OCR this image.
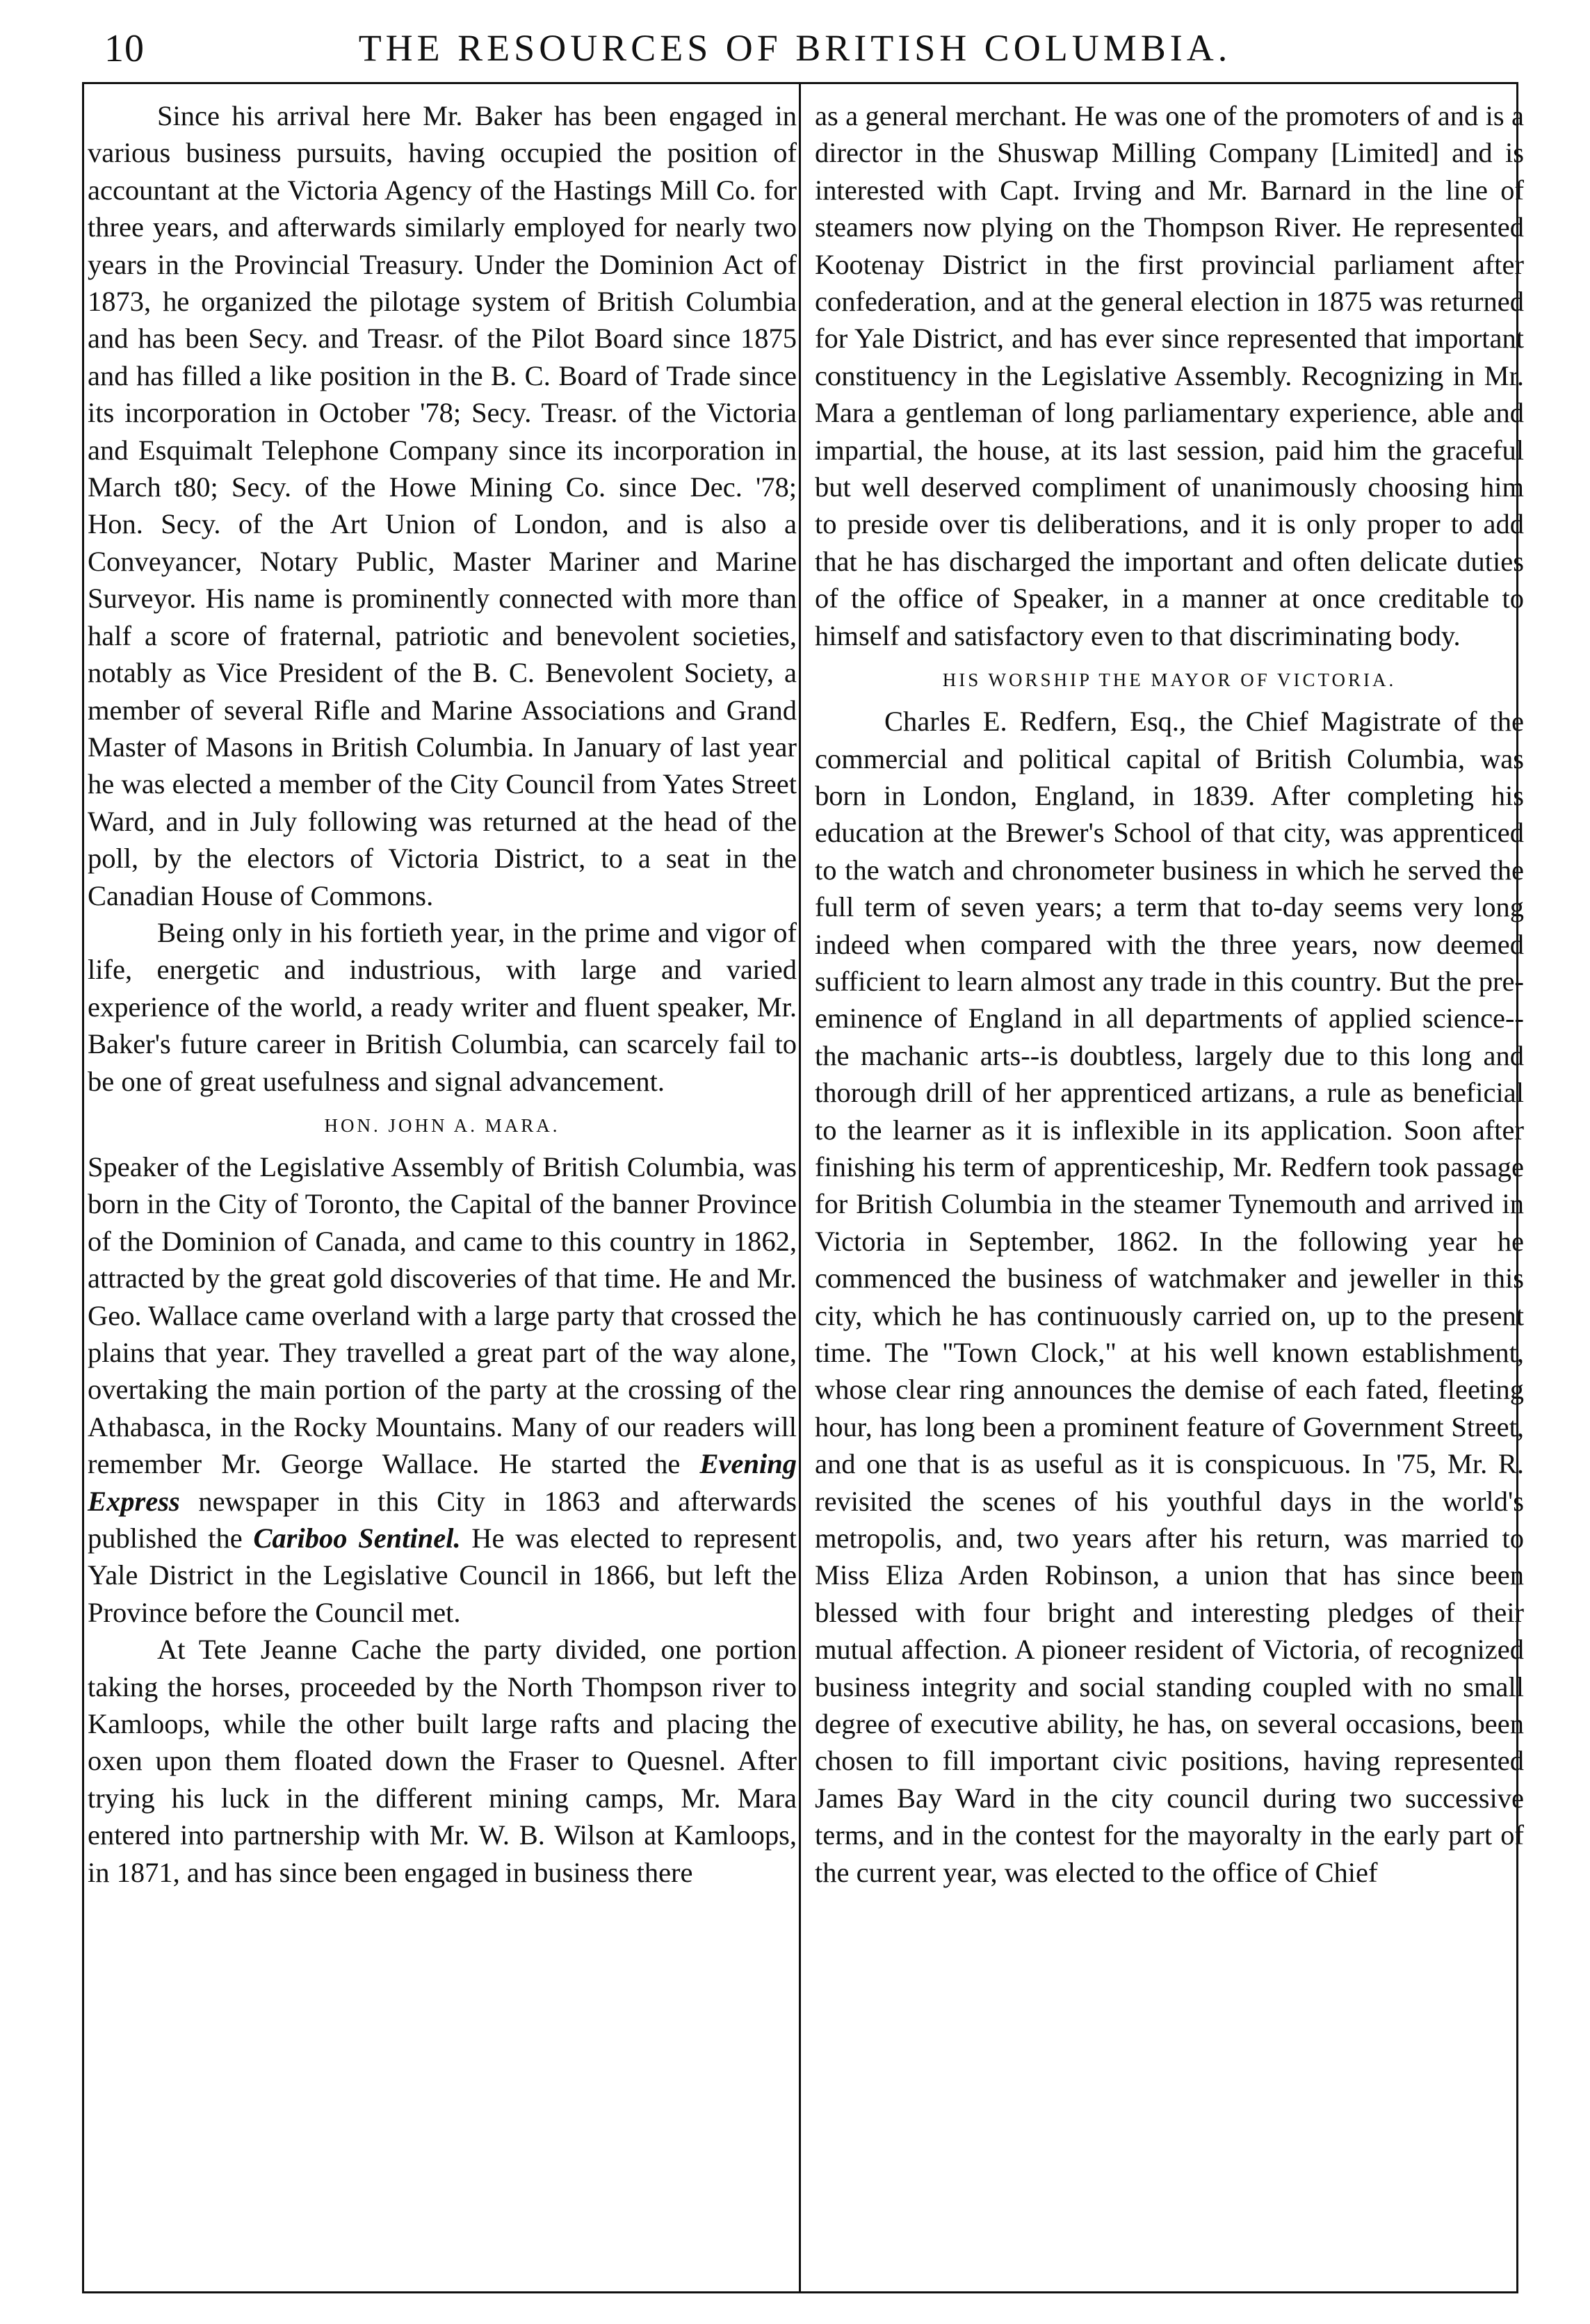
10	THE RESOURCES OF BRITISH COLUMBIA.

Since his arrival here Mr. Baker has been engaged in various business pursuits, having occupied the position of accountant at the Victoria Agency of the Hastings Mill Co. for three years, and afterwards similarly employed for nearly two years in the Provincial Treasury. Under the Dominion Act of 1873, he organized the pilotage system of British Columbia and has been Secy. and Treasr. of the Pilot Board since 1875 and has filled a like position in the B. C. Board of Trade since its incorporation in October '78; Secy. Treasr. of the Victoria and Esquimalt Telephone Company since its incorporation in March t80; Secy. of the Howe Mining Co. since Dec. '78; Hon. Secy. of the Art Union of London, and is also a Conveyancer, Notary Public, Master Mariner and Marine Surveyor. His name is prominently connected with more than half a score of fraternal, patriotic and benevolent societies, notably as Vice President of the B. C. Benevolent Society, a member of several Rifle and Marine Associations and Grand Master of Masons in British Columbia. In January of last year he was elected a member of the City Council from Yates Street Ward, and in July following was returned at the head of the poll, by the electors of Victoria District, to a seat in the Canadian House of Commons.

Being only in his fortieth year, in the prime and vigor of life, energetic and industrious, with large and varied experience of the world, a ready writer and fluent speaker, Mr. Baker's future career in British Columbia, can scarcely fail to be one of great usefulness and signal advancement.

HON. JOHN A. MARA.

Speaker of the Legislative Assembly of British Columbia, was born in the City of Toronto, the Capital of the banner Province of the Dominion of Canada, and came to this country in 1862, attracted by the great gold discoveries of that time. He and Mr. Geo. Wallace came overland with a large party that crossed the plains that year. They travelled a great part of the way alone, overtaking the main portion of the party at the crossing of the Athabasca, in the Rocky Mountains. Many of our readers will remember Mr. George Wallace. He started the Evening Express newspaper in this City in 1863 and afterwards published the Cariboo Sentinel. He was elected to represent Yale District in the Legislative Council in 1866, but left the Province before the Council met.

At Tete Jeanne Cache the party divided, one portion taking the horses, proceeded by the North Thompson river to Kamloops, while the other built large rafts and placing the oxen upon them floated down the Fraser to Quesnel. After trying his luck in the different mining camps, Mr. Mara entered into partnership with Mr. W. B. Wilson at Kamloops, in 1871, and has since been engaged in business there

as a general merchant. He was one of the promoters of and is a director in the Shuswap Milling Company [Limited] and is interested with Capt. Irving and Mr. Barnard in the line of steamers now plying on the Thompson River. He represented Kootenay District in the first provincial parliament after confederation, and at the general election in 1875 was returned for Yale District, and has ever since represented that important constituency in the Legislative Assembly. Recognizing in Mr. Mara a gentleman of long parliamentary experience, able and impartial, the house, at its last session, paid him the graceful but well deserved compliment of unanimously choosing him to preside over tis deliberations, and it is only proper to add that he has discharged the important and often delicate duties of the office of Speaker, in a manner at once creditable to himself and satisfactory even to that discriminating body.

HIS WORSHIP THE MAYOR OF VICTORIA.

Charles E. Redfern, Esq., the Chief Magistrate of the commercial and political capital of British Columbia, was born in London, England, in 1839. After completing his education at the Brewer's School of that city, was apprenticed to the watch and chronometer business in which he served the full term of seven years; a term that to-day seems very long indeed when compared with the three years, now deemed sufficient to learn almost any trade in this country. But the pre-eminence of England in all departments of applied science--the machanic arts--is doubtless, largely due to this long and thorough drill of her apprenticed artizans, a rule as beneficial to the learner as it is inflexible in its application. Soon after finishing his term of apprenticeship, Mr. Redfern took passage for British Columbia in the steamer Tynemouth and arrived in Victoria in September, 1862. In the following year he commenced the business of watchmaker and jeweller in this city, which he has continuously carried on, up to the present time. The "Town Clock," at his well known establishment, whose clear ring announces the demise of each fated, fleeting hour, has long been a prominent feature of Government Street, and one that is as useful as it is conspicuous. In '75, Mr. R. revisited the scenes of his youthful days in the world's metropolis, and, two years after his return, was married to Miss Eliza Arden Robinson, a union that has since been blessed with four bright and interesting pledges of their mutual affection. A pioneer resident of Victoria, of recognized business integrity and social standing coupled with no small degree of executive ability, he has, on several occasions, been chosen to fill important civic positions, having represented James Bay Ward in the city council during two successive terms, and in the contest for the mayoralty in the early part of the current year, was elected to the office of Chief
